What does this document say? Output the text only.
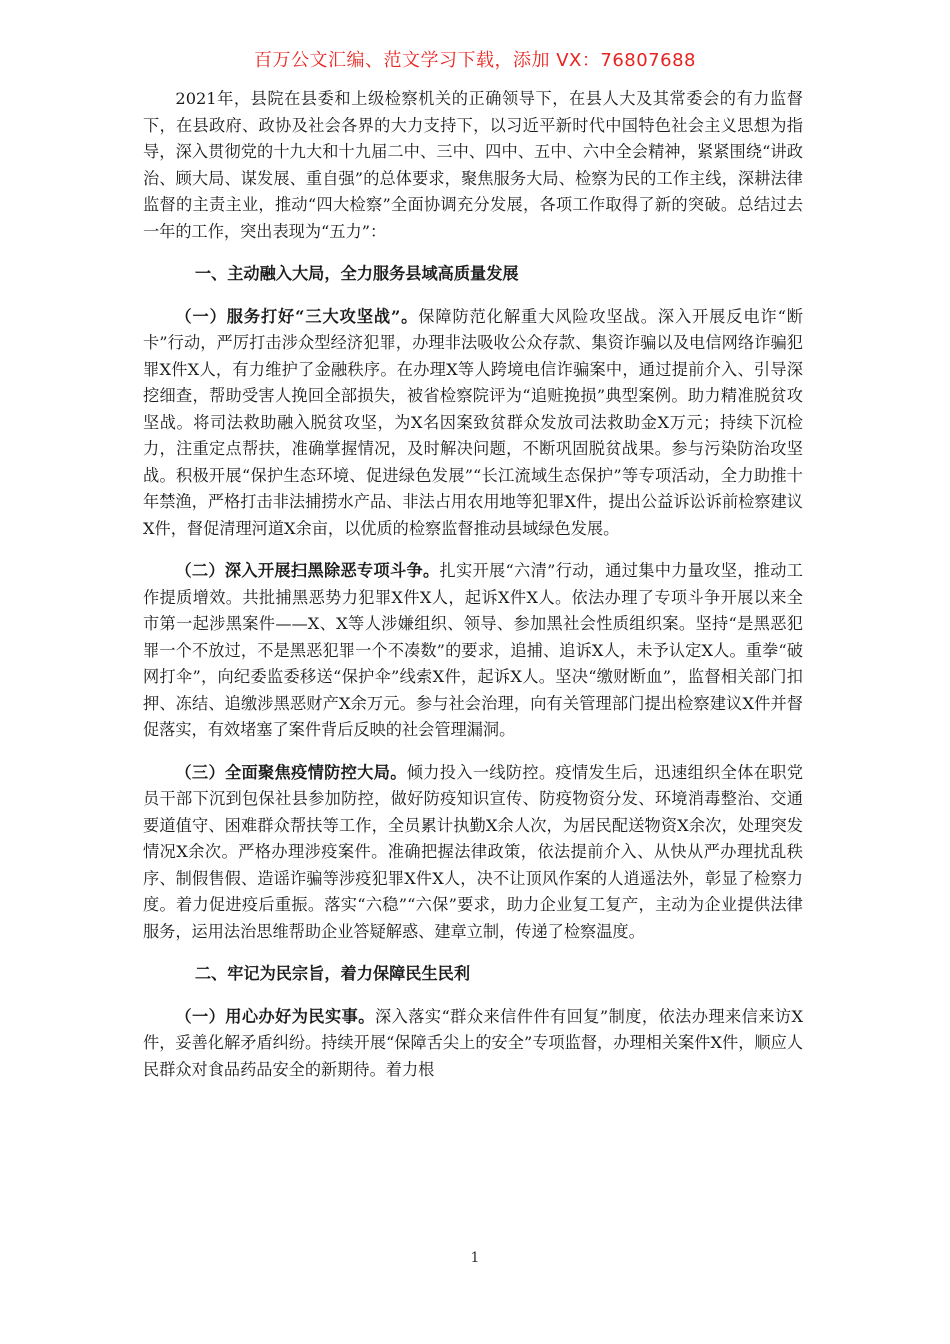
百万公文汇编、范文学习下载，添加 VX：76807688

2021年，县院在县委和上级检察机关的正确领导下，在县人大及其常委会的有力监督下，在县政府、政协及社会各界的大力支持下，以习近平新时代中国特色社会主义思想为指导，深入贯彻党的十九大和十九届二中、三中、四中、五中、六中全会精神，紧紧围绕“讲政治、顾大局、谋发展、重自强”的总体要求，聚焦服务大局、检察为民的工作主线，深耕法律监督的主责主业，推动“四大检察”全面协调充分发展，各项工作取得了新的突破。总结过去一年的工作，突出表现为“五力”：

一、主动融入大局，全力服务县域高质量发展

（一）服务打好“三大攻坚战”。保障防范化解重大风险攻坚战。深入开展反电诈“断卡”行动，严厉打击涉众型经济犯罪，办理非法吸收公众存款、集资诈骗以及电信网络诈骗犯罪X件X人，有力维护了金融秩序。在办理X等人跨境电信诈骗案中，通过提前介入、引导深挖细查，帮助受害人挽回全部损失，被省检察院评为“追赃挽损”典型案例。助力精准脱贫攻坚战。将司法救助融入脱贫攻坚，为X名因案致贫群众发放司法救助金X万元；持续下沉检力，注重定点帮扶，准确掌握情况，及时解决问题，不断巩固脱贫战果。参与污染防治攻坚战。积极开展“保护生态环境、促进绿色发展”“长江流域生态保护”等专项活动，全力助推十年禁渔，严格打击非法捕捞水产品、非法占用农用地等犯罪X件，提出公益诉讼诉前检察建议X件，督促清理河道X余亩，以优质的检察监督推动县域绿色发展。

（二）深入开展扫黑除恶专项斗争。扎实开展“六清”行动，通过集中力量攻坚，推动工作提质增效。共批捕黑恶势力犯罪X件X人，起诉X件X人。依法办理了专项斗争开展以来全市第一起涉黑案件——X、X等人涉嫌组织、领导、参加黑社会性质组织案。坚持“是黑恶犯罪一个不放过，不是黑恶犯罪一个不凑数”的要求，追捕、追诉X人，未予认定X人。重拳“破网打伞”，向纪委监委移送“保护伞”线索X件，起诉X人。坚决“缴财断血”，监督相关部门扣押、冻结、追缴涉黑恶财产X余万元。参与社会治理，向有关管理部门提出检察建议X件并督促落实，有效堵塞了案件背后反映的社会管理漏洞。

（三）全面聚焦疫情防控大局。倾力投入一线防控。疫情发生后，迅速组织全体在职党员干部下沉到包保社县参加防控，做好防疫知识宣传、防疫物资分发、环境消毒整治、交通要道值守、困难群众帮扶等工作，全员累计执勤X余人次，为居民配送物资X余次，处理突发情况X余次。严格办理涉疫案件。准确把握法律政策，依法提前介入、从快从严办理扰乱秩序、制假售假、造谣诈骗等涉疫犯罪X件X人，决不让顶风作案的人逍遥法外，彰显了检察力度。着力促进疫后重振。落实“六稳”“六保”要求，助力企业复工复产，主动为企业提供法律服务，运用法治思维帮助企业答疑解惑、建章立制，传递了检察温度。

二、牢记为民宗旨，着力保障民生民利

（一）用心办好为民实事。深入落实“群众来信件件有回复”制度，依法办理来信来访X件，妥善化解矛盾纠纷。持续开展“保障舌尖上的安全”专项监督，办理相关案件X件，顺应人民群众对食品药品安全的新期待。着力根

1
